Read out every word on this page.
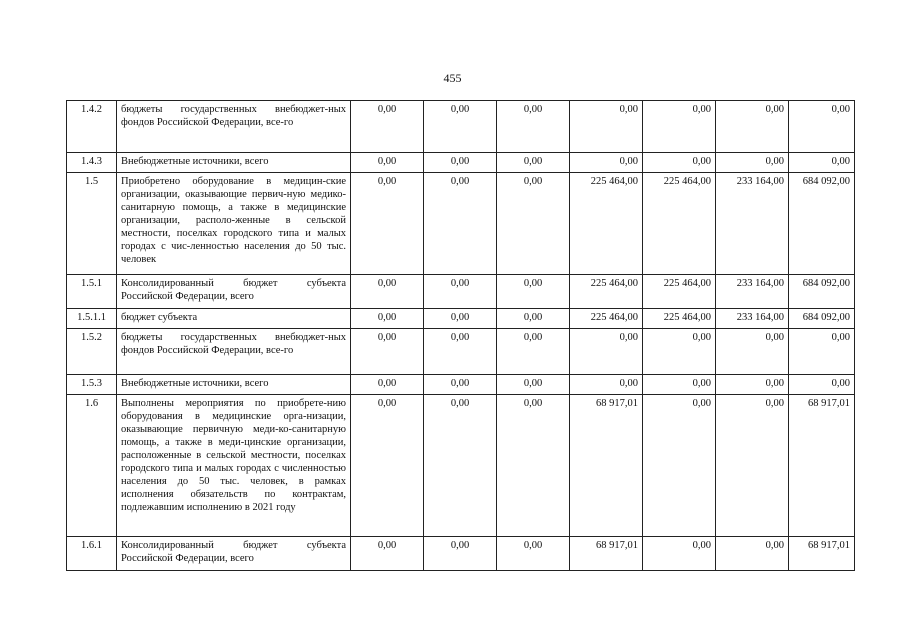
455
1.4.2	бюджеты государственных внебюджет-ных фондов Российской Федерации, все-го	0,00	0,00	0,00	0,00	0,00	0,00	0,00
1.4.3	Внебюджетные источники, всего	0,00	0,00	0,00	0,00	0,00	0,00	0,00
1.5	Приобретено оборудование в медицин-ские организации, оказывающие первич-ную медико-санитарную помощь, а также в медицинские организации, располо-женные в сельской местности, поселках городского типа и малых городах с чис-ленностью населения до 50 тыс. человек	0,00	0,00	0,00	225 464,00	225 464,00	233 164,00	684 092,00
1.5.1	Консолидированный бюджет субъекта Российской Федерации, всего	0,00	0,00	0,00	225 464,00	225 464,00	233 164,00	684 092,00
1.5.1.1	бюджет субъекта	0,00	0,00	0,00	225 464,00	225 464,00	233 164,00	684 092,00
1.5.2	бюджеты государственных внебюджет-ных фондов Российской Федерации, все-го	0,00	0,00	0,00	0,00	0,00	0,00	0,00
1.5.3	Внебюджетные источники, всего	0,00	0,00	0,00	0,00	0,00	0,00	0,00
1.6	Выполнены мероприятия по приобрете-нию оборудования в медицинские орга-низации, оказывающие первичную меди-ко-санитарную помощь, а также в меди-цинские организации, расположенные в сельской местности, поселках городского типа и малых городах с численностью населения до 50 тыс. человек, в рамках исполнения обязательств по контрактам, подлежавшим исполнению в 2021 году	0,00	0,00	0,00	68 917,01	0,00	0,00	68 917,01
1.6.1	Консолидированный бюджет субъекта Российской Федерации, всего	0,00	0,00	0,00	68 917,01	0,00	0,00	68 917,01
